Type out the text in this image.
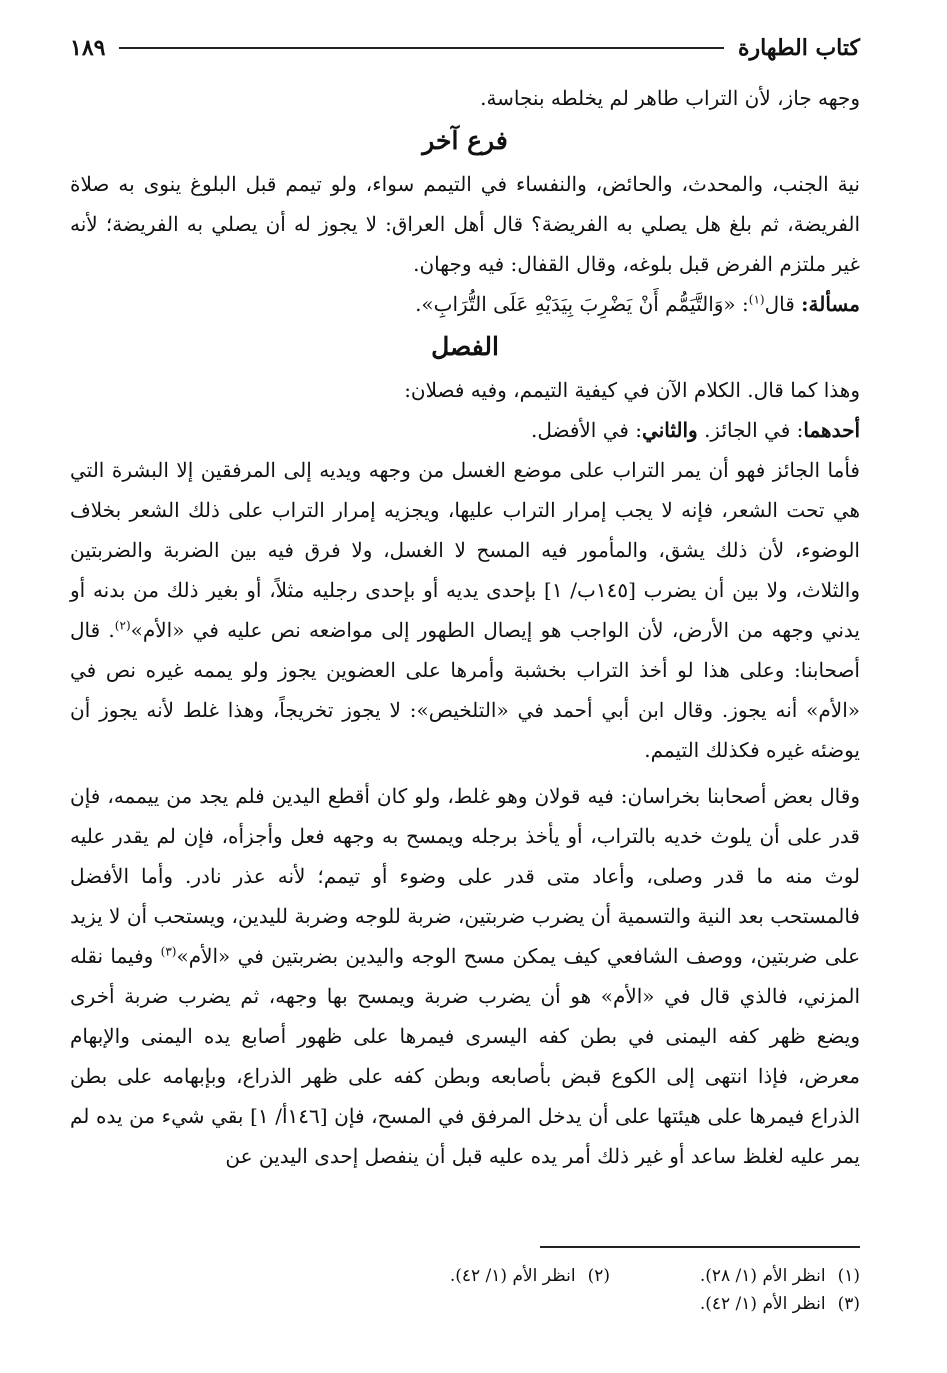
كتاب الطهارة
١٨٩

وجهه جاز، لأن التراب طاهر لم يخلطه بنجاسة.

فرع آخر

نية الجنب، والمحدث، والحائض، والنفساء في التيمم سواء، ولو تيمم قبل البلوغ ينوى به صلاة الفريضة، ثم بلغ هل يصلي به الفريضة؟ قال أهل العراق: لا يجوز له أن يصلي به الفريضة؛ لأنه غير ملتزم الفرض قبل بلوغه، وقال القفال: فيه وجهان.

مسألة: قال$^{(١)}$: «وَالتَّيَمُّم أَنْ يَضْرِبَ بِيَدَيْهِ عَلَى التُّرَابِ».

الفصل

وهذا كما قال. الكلام الآن في كيفية التيمم، وفيه فصلان:

أحدهما: في الجائز. والثاني: في الأفضل.

فأما الجائز فهو أن يمر التراب على موضع الغسل من وجهه ويديه إلى المرفقين إلا البشرة التي هي تحت الشعر، فإنه لا يجب إمرار التراب عليها، ويجزيه إمرار التراب على ذلك الشعر بخلاف الوضوء، لأن ذلك يشق، والمأمور فيه المسح لا الغسل، ولا فرق فيه بين الضربة والضربتين والثلاث، ولا بين أن يضرب [١٤٥ب/ ١] بإحدى يديه أو بإحدى رجليه مثلاً، أو بغير ذلك من بدنه أو يدني وجهه من الأرض، لأن الواجب هو إيصال الطهور إلى مواضعه نص عليه في «الأم»$^{(٢)}$. قال أصحابنا: وعلى هذا لو أخذ التراب بخشبة وأمرها على العضوين يجوز ولو يممه غيره نص في «الأم» أنه يجوز. وقال ابن أبي أحمد في «التلخيص»: لا يجوز تخريجاً، وهذا غلط لأنه يجوز أن يوضئه غيره فكذلك التيمم.

وقال بعض أصحابنا بخراسان: فيه قولان وهو غلط، ولو كان أقطع اليدين فلم يجد من ييممه، فإن قدر على أن يلوث خديه بالتراب، أو يأخذ برجله ويمسح به وجهه فعل وأجزأه، فإن لم يقدر عليه لوث منه ما قدر وصلى، وأعاد متى قدر على وضوء أو تيمم؛ لأنه عذر نادر. وأما الأفضل فالمستحب بعد النية والتسمية أن يضرب ضربتين، ضربة للوجه وضربة لليدين، ويستحب أن لا يزيد على ضربتين، ووصف الشافعي كيف يمكن مسح الوجه واليدين بضربتين في «الأم»$^{(٣)}$ وفيما نقله المزني، فالذي قال في «الأم» هو أن يضرب ضربة ويمسح بها وجهه، ثم يضرب ضربة أخرى ويضع ظهر كفه اليمنى في بطن كفه اليسرى فيمرها على ظهور أصابع يده اليمنى والإبهام معرض، فإذا انتهى إلى الكوع قبض بأصابعه وبطن كفه على ظهر الذراع، وبإبهامه على بطن الذراع فيمرها على هيئتها على أن يدخل المرفق في المسح، فإن [١٤٦أ/ ١] بقي شيء من يده لم يمر عليه لغلظ ساعد أو غير ذلك أمر يده عليه قبل أن ينفصل إحدى اليدين عن

(١)انظر الأم (١/ ٢٨).
(٢)انظر الأم (١/ ٤٢).
(٣)انظر الأم (١/ ٤٢).
